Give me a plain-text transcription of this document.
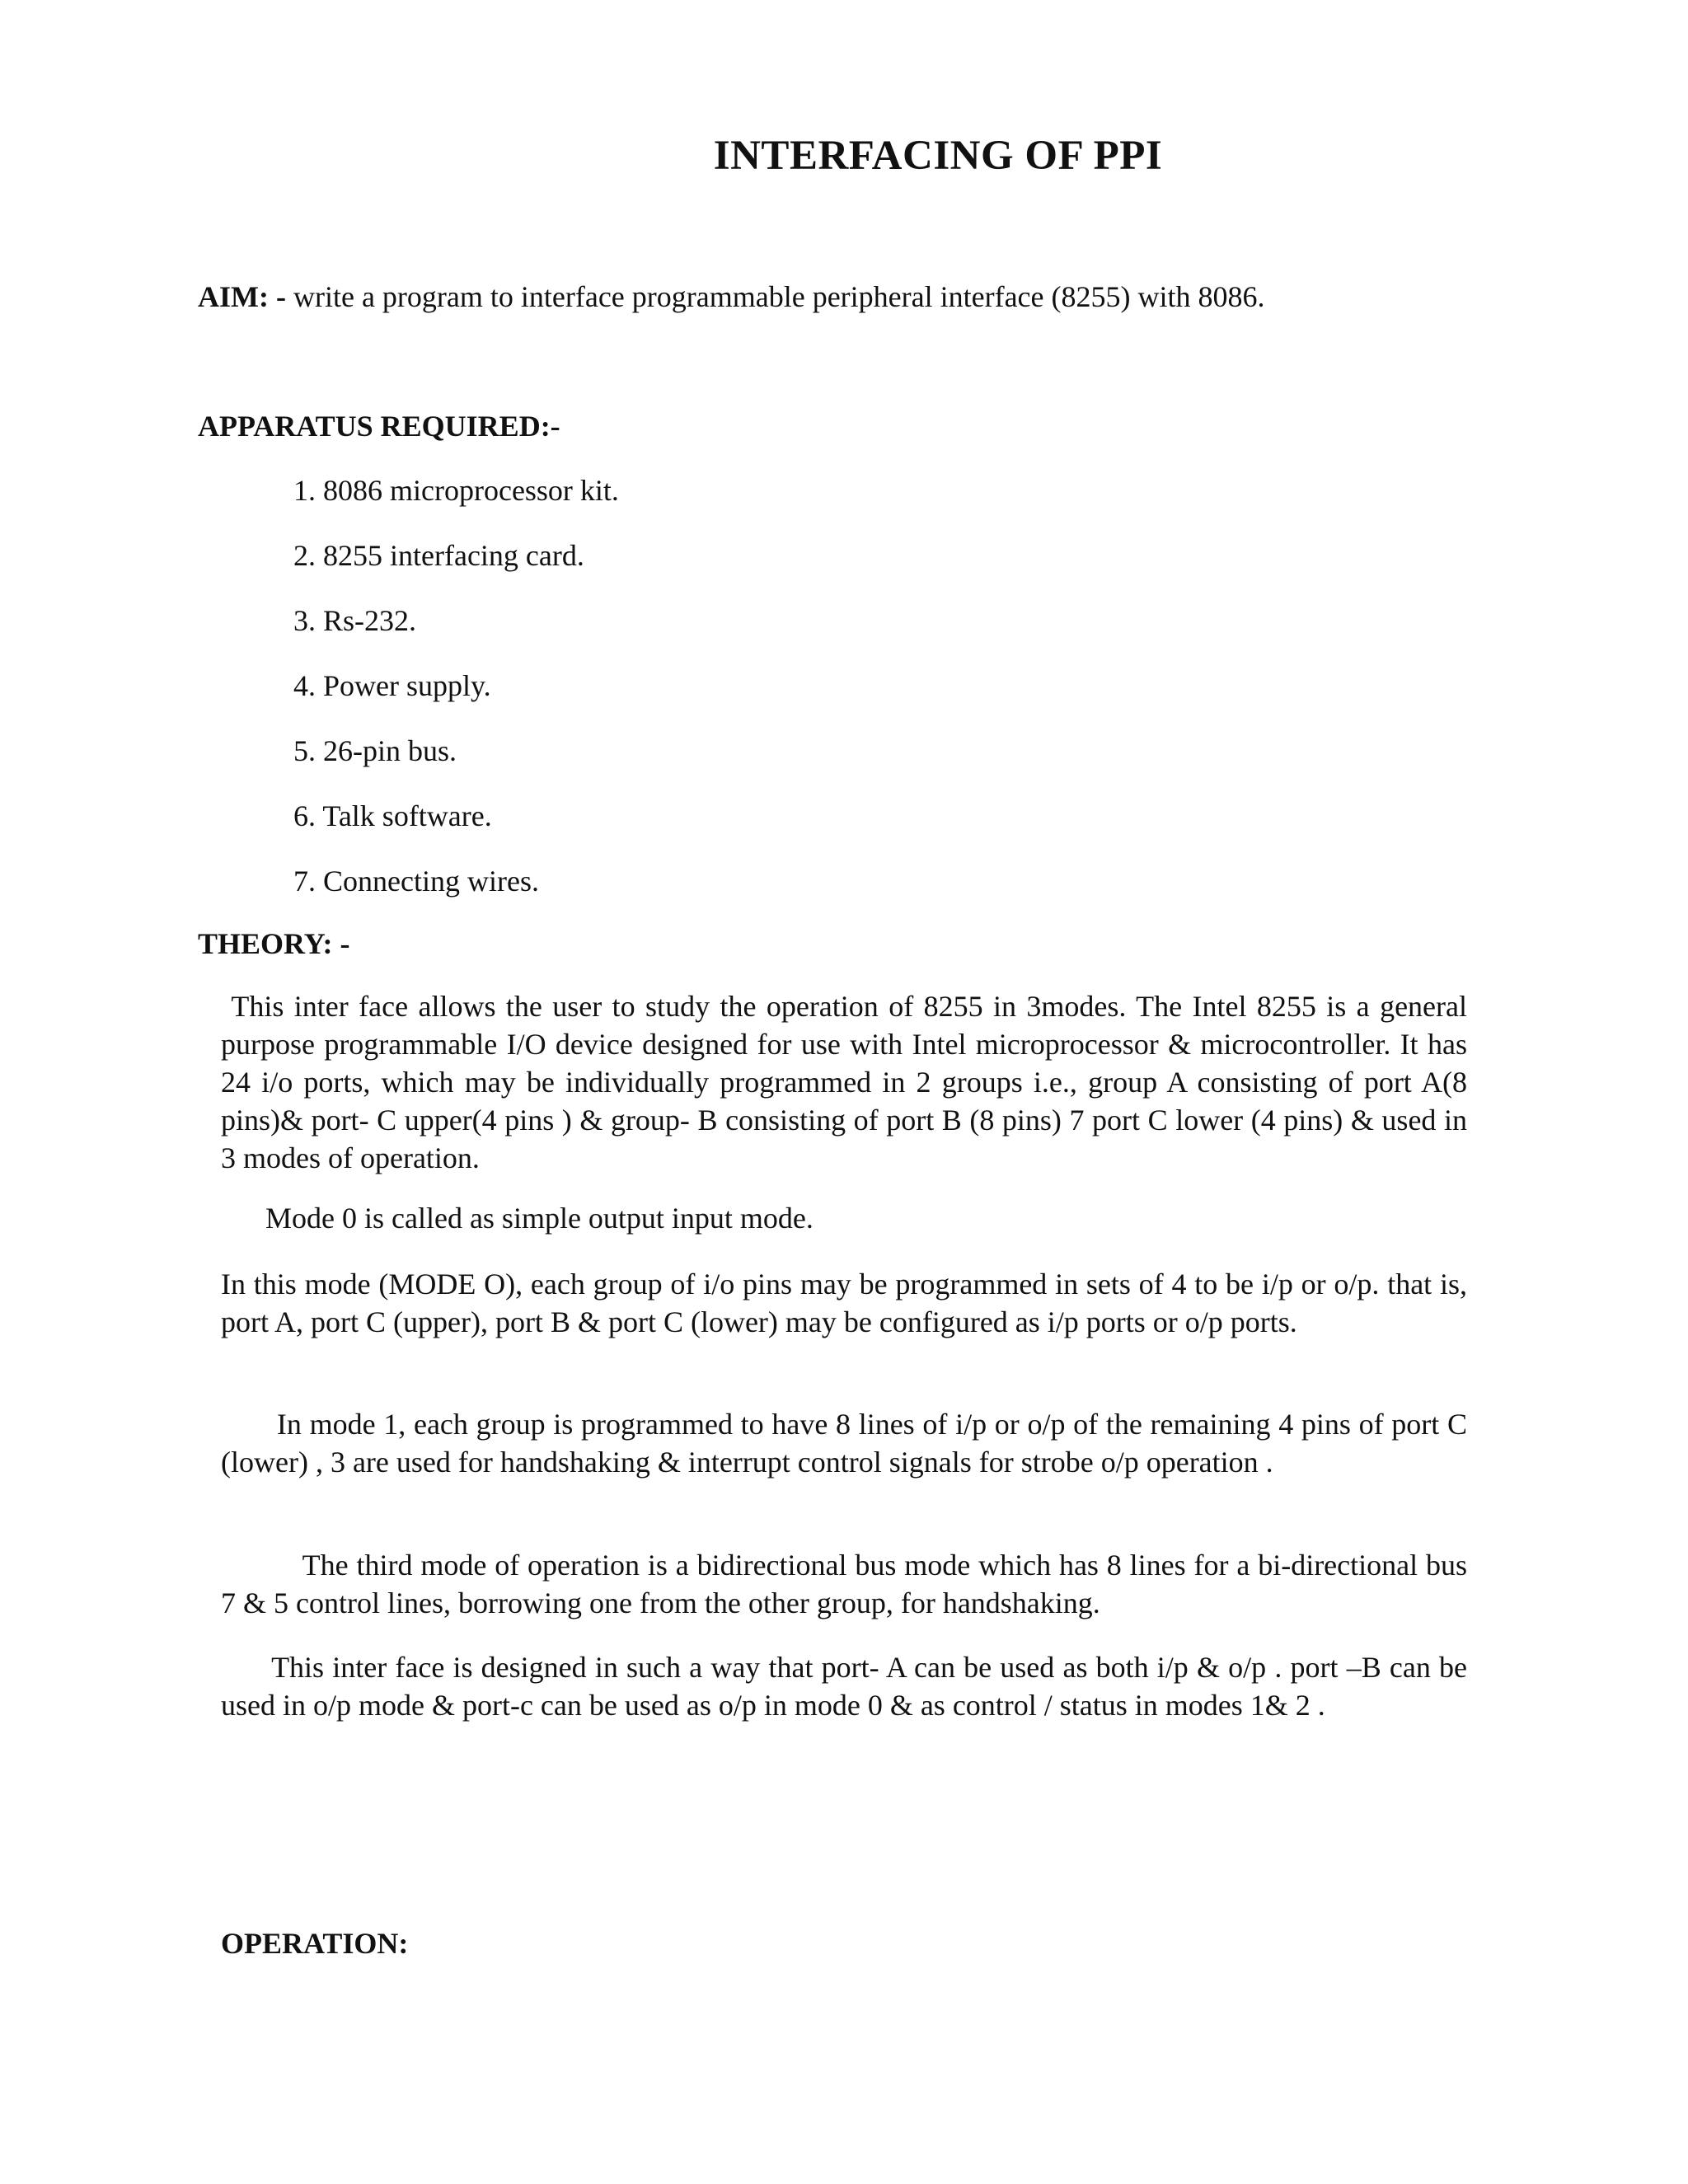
INTERFACING OF PPI
AIM: - write a program to interface programmable peripheral interface (8255) with 8086.
APPARATUS REQUIRED:-
1. 8086 microprocessor kit.
2. 8255 interfacing card.
3. Rs-232.
4. Power supply.
5. 26-pin bus.
6. Talk software.
7. Connecting wires.
THEORY: -

This inter face allows the user to study the operation of 8255 in 3modes. The Intel 8255 is a general purpose programmable I/O device designed for use with Intel microprocessor & microcontroller. It has 24 i/o ports, which may be individually programmed in 2 groups i.e., group A consisting of port A(8 pins)& port- C upper(4 pins ) & group- B consisting of port B (8 pins) 7 port C lower (4 pins) & used in 3 modes of operation.

Mode 0 is called as simple output input mode.

In this mode (MODE O), each group of i/o pins may be programmed in sets of 4 to be i/p or o/p. that is, port A, port C (upper), port B & port C (lower) may be configured as i/p ports or o/p ports.

In mode 1, each group is programmed to have 8 lines of i/p or o/p of the remaining 4 pins of port C (lower) , 3 are used for handshaking & interrupt control signals for strobe o/p operation .

The third mode of operation is a bidirectional bus mode which has 8 lines for a bi-directional bus 7 & 5 control lines, borrowing one from the other group, for handshaking.

This inter face is designed in such a way that port- A can be used as both i/p & o/p . port –B can be used in o/p mode & port-c can be used as o/p in mode 0 & as control / status in modes 1& 2 .

OPERATION:
